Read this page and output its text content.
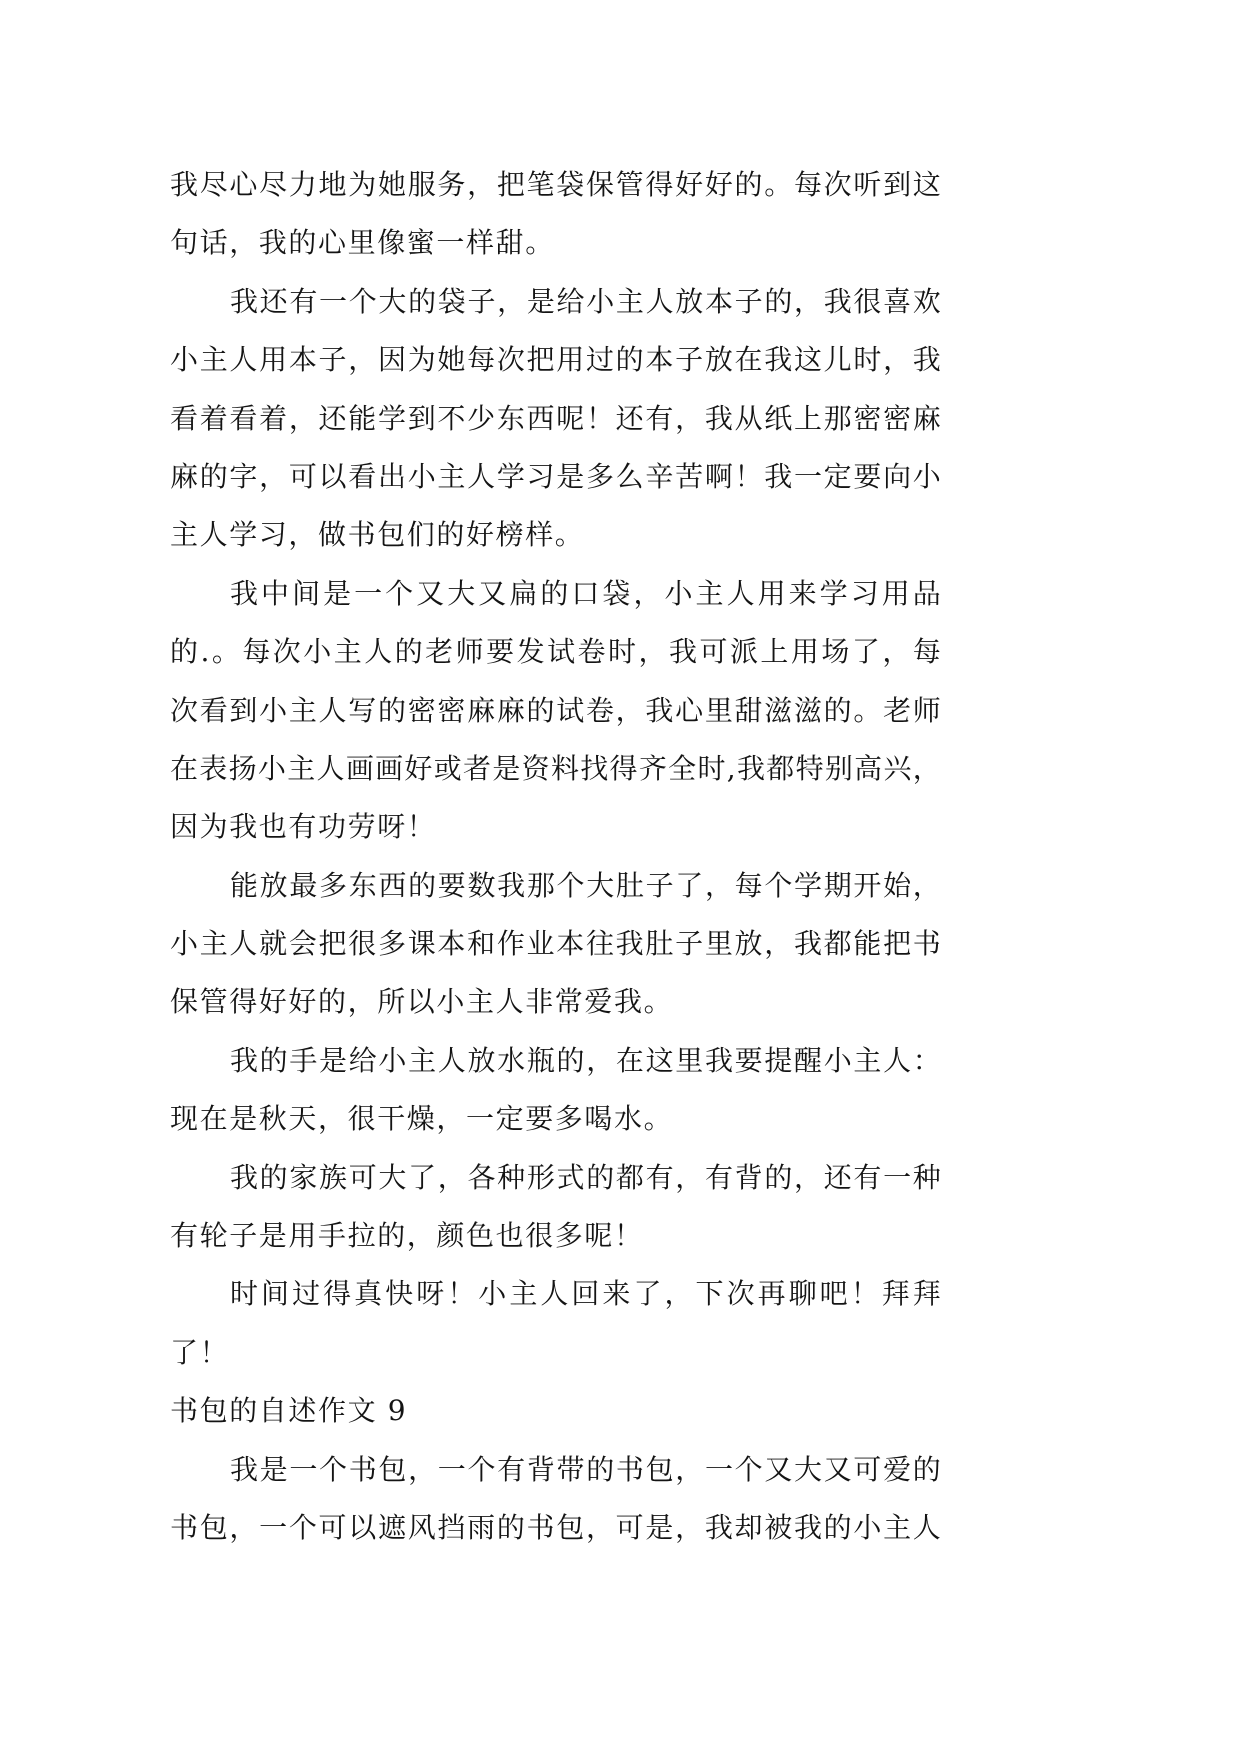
我尽心尽力地为她服务，把笔袋保管得好好的。每次听到这
句话，我的心里像蜜一样甜。
我还有一个大的袋子，是给小主人放本子的，我很喜欢
小主人用本子，因为她每次把用过的本子放在我这儿时，我
看着看着，还能学到不少东西呢！还有，我从纸上那密密麻
麻的字，可以看出小主人学习是多么辛苦啊！我一定要向小
主人学习，做书包们的好榜样。
我中间是一个又大又扁的口袋，小主人用来学习用品
的.。每次小主人的老师要发试卷时，我可派上用场了，每
次看到小主人写的密密麻麻的试卷，我心里甜滋滋的。老师
在表扬小主人画画好或者是资料找得齐全时,我都特别高兴，
因为我也有功劳呀！
能放最多东西的要数我那个大肚子了，每个学期开始，
小主人就会把很多课本和作业本往我肚子里放，我都能把书
保管得好好的，所以小主人非常爱我。
我的手是给小主人放水瓶的，在这里我要提醒小主人：
现在是秋天，很干燥，一定要多喝水。
我的家族可大了，各种形式的都有，有背的，还有一种
有轮子是用手拉的，颜色也很多呢！
时间过得真快呀！小主人回来了，下次再聊吧！拜拜
了！
书包的自述作文 9
我是一个书包，一个有背带的书包，一个又大又可爱的
书包，一个可以遮风挡雨的书包，可是，我却被我的小主人
